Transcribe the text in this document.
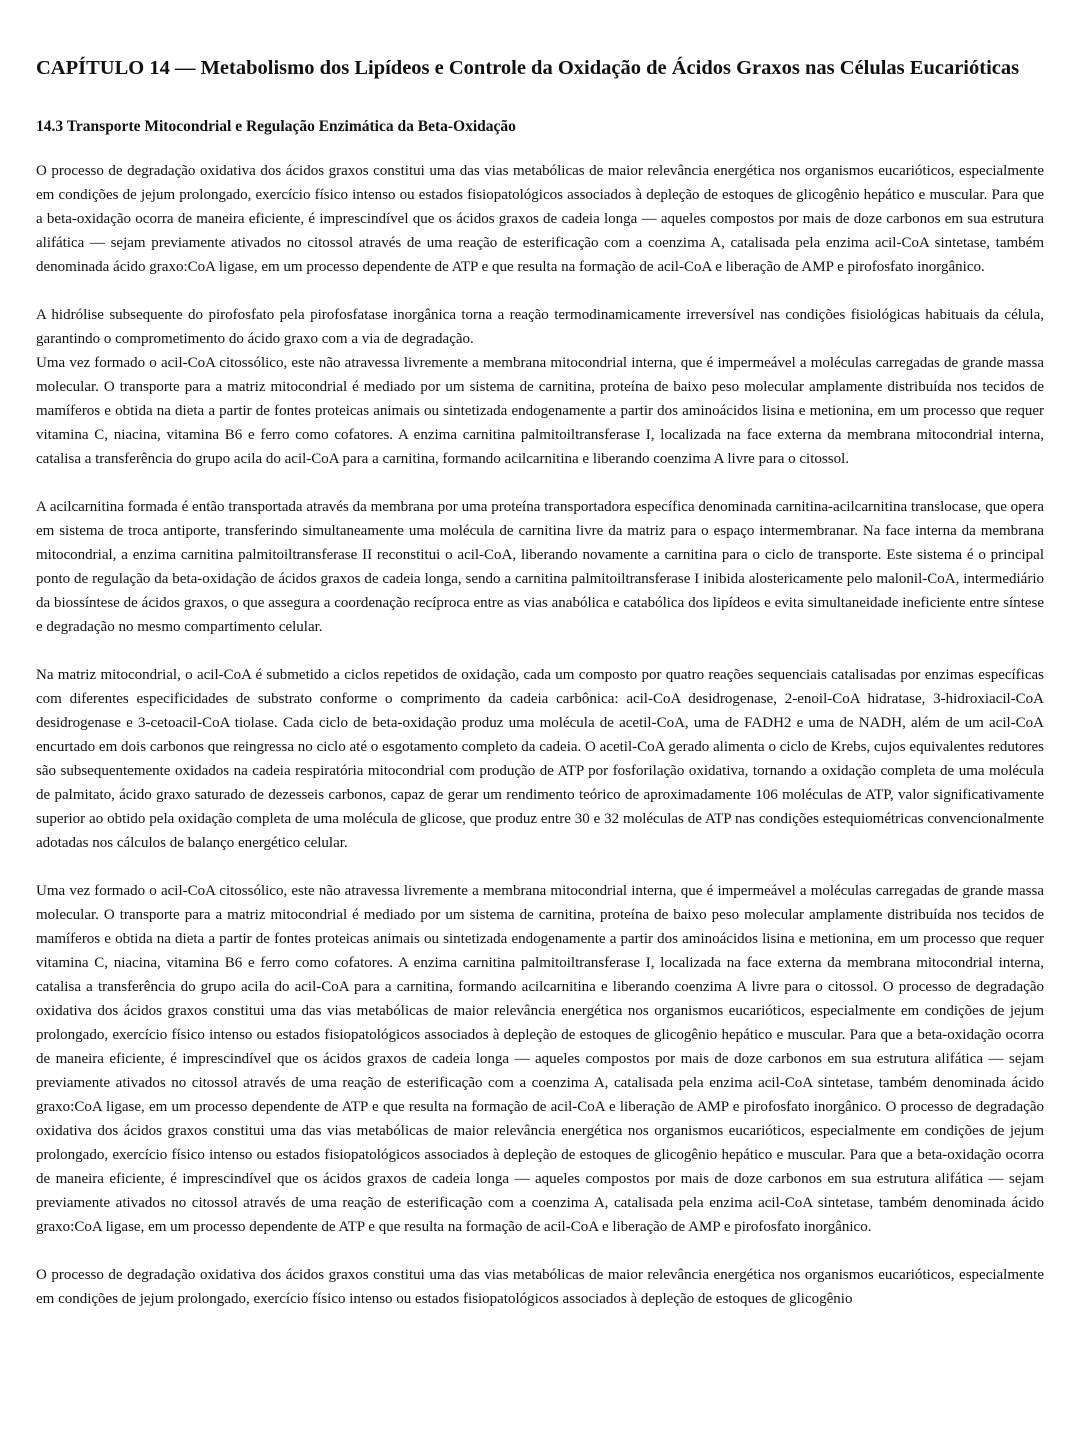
CAPÍTULO 14 — Metabolismo dos Lipídeos e Controle da Oxidação de Ácidos Graxos nas Células Eucarióticas
14.3 Transporte Mitocondrial e Regulação Enzimática da Beta-Oxidação

O processo de degradação oxidativa dos ácidos graxos constitui uma das vias metabólicas de maior relevância energética nos organismos eucarióticos, especialmente em condições de jejum prolongado, exercício físico intenso ou estados fisiopatológicos associados à depleção de estoques de glicogênio hepático e muscular. Para que a beta-oxidação ocorra de maneira eficiente, é imprescindível que os ácidos graxos de cadeia longa — aqueles compostos por mais de doze carbonos em sua estrutura alifática — sejam previamente ativados no citossol através de uma reação de esterificação com a coenzima A, catalisada pela enzima acil-CoA sintetase, também denominada ácido graxo:CoA ligase, em um processo dependente de ATP e que resulta na formação de acil-CoA e liberação de AMP e pirofosfato inorgânico.

A hidrólise subsequente do pirofosfato pela pirofosfatase inorgânica torna a reação termodinamicamente irreversível nas condições fisiológicas habituais da célula, garantindo o comprometimento do ácido graxo com a via de degradação.

Uma vez formado o acil-CoA citossólico, este não atravessa livremente a membrana mitocondrial interna, que é impermeável a moléculas carregadas de grande massa molecular. O transporte para a matriz mitocondrial é mediado por um sistema de carnitina, proteína de baixo peso molecular amplamente distribuída nos tecidos de mamíferos e obtida na dieta a partir de fontes proteicas animais ou sintetizada endogenamente a partir dos aminoácidos lisina e metionina, em um processo que requer vitamina C, niacina, vitamina B6 e ferro como cofatores. A enzima carnitina palmitoiltransferase I, localizada na face externa da membrana mitocondrial interna, catalisa a transferência do grupo acila do acil-CoA para a carnitina, formando acilcarnitina e liberando coenzima A livre para o citossol.

A acilcarnitina formada é então transportada através da membrana por uma proteína transportadora específica denominada carnitina-acilcarnitina translocase, que opera em sistema de troca antiporte, transferindo simultaneamente uma molécula de carnitina livre da matriz para o espaço intermembranar. Na face interna da membrana mitocondrial, a enzima carnitina palmitoiltransferase II reconstitui o acil-CoA, liberando novamente a carnitina para o ciclo de transporte. Este sistema é o principal ponto de regulação da beta-oxidação de ácidos graxos de cadeia longa, sendo a carnitina palmitoiltransferase I inibida alostericamente pelo malonil-CoA, intermediário da biossíntese de ácidos graxos, o que assegura a coordenação recíproca entre as vias anabólica e catabólica dos lipídeos e evita simultaneidade ineficiente entre síntese e degradação no mesmo compartimento celular.

Na matriz mitocondrial, o acil-CoA é submetido a ciclos repetidos de oxidação, cada um composto por quatro reações sequenciais catalisadas por enzimas específicas com diferentes especificidades de substrato conforme o comprimento da cadeia carbônica: acil-CoA desidrogenase, 2-enoil-CoA hidratase, 3-hidroxiacil-CoA desidrogenase e 3-cetoacil-CoA tiolase. Cada ciclo de beta-oxidação produz uma molécula de acetil-CoA, uma de FADH2 e uma de NADH, além de um acil-CoA encurtado em dois carbonos que reingressa no ciclo até o esgotamento completo da cadeia. O acetil-CoA gerado alimenta o ciclo de Krebs, cujos equivalentes redutores são subsequentemente oxidados na cadeia respiratória mitocondrial com produção de ATP por fosforilação oxidativa, tornando a oxidação completa de uma molécula de palmitato, ácido graxo saturado de dezesseis carbonos, capaz de gerar um rendimento teórico de aproximadamente 106 moléculas de ATP, valor significativamente superior ao obtido pela oxidação completa de uma molécula de glicose, que produz entre 30 e 32 moléculas de ATP nas condições estequiométricas convencionalmente adotadas nos cálculos de balanço energético celular.

Uma vez formado o acil-CoA citossólico, este não atravessa livremente a membrana mitocondrial interna, que é impermeável a moléculas carregadas de grande massa molecular. O transporte para a matriz mitocondrial é mediado por um sistema de carnitina, proteína de baixo peso molecular amplamente distribuída nos tecidos de mamíferos e obtida na dieta a partir de fontes proteicas animais ou sintetizada endogenamente a partir dos aminoácidos lisina e metionina, em um processo que requer vitamina C, niacina, vitamina B6 e ferro como cofatores. A enzima carnitina palmitoiltransferase I, localizada na face externa da membrana mitocondrial interna, catalisa a transferência do grupo acila do acil-CoA para a carnitina, formando acilcarnitina e liberando coenzima A livre para o citossol. O processo de degradação oxidativa dos ácidos graxos constitui uma das vias metabólicas de maior relevância energética nos organismos eucarióticos, especialmente em condições de jejum prolongado, exercício físico intenso ou estados fisiopatológicos associados à depleção de estoques de glicogênio hepático e muscular. Para que a beta-oxidação ocorra de maneira eficiente, é imprescindível que os ácidos graxos de cadeia longa — aqueles compostos por mais de doze carbonos em sua estrutura alifática — sejam previamente ativados no citossol através de uma reação de esterificação com a coenzima A, catalisada pela enzima acil-CoA sintetase, também denominada ácido graxo:CoA ligase, em um processo dependente de ATP e que resulta na formação de acil-CoA e liberação de AMP e pirofosfato inorgânico. O processo de degradação oxidativa dos ácidos graxos constitui uma das vias metabólicas de maior relevância energética nos organismos eucarióticos, especialmente em condições de jejum prolongado, exercício físico intenso ou estados fisiopatológicos associados à depleção de estoques de glicogênio hepático e muscular. Para que a beta-oxidação ocorra de maneira eficiente, é imprescindível que os ácidos graxos de cadeia longa — aqueles compostos por mais de doze carbonos em sua estrutura alifática — sejam previamente ativados no citossol através de uma reação de esterificação com a coenzima A, catalisada pela enzima acil-CoA sintetase, também denominada ácido graxo:CoA ligase, em um processo dependente de ATP e que resulta na formação de acil-CoA e liberação de AMP e pirofosfato inorgânico.

O processo de degradação oxidativa dos ácidos graxos constitui uma das vias metabólicas de maior relevância energética nos organismos eucarióticos, especialmente em condições de jejum prolongado, exercício físico intenso ou estados fisiopatológicos associados à depleção de estoques de glicogênio
